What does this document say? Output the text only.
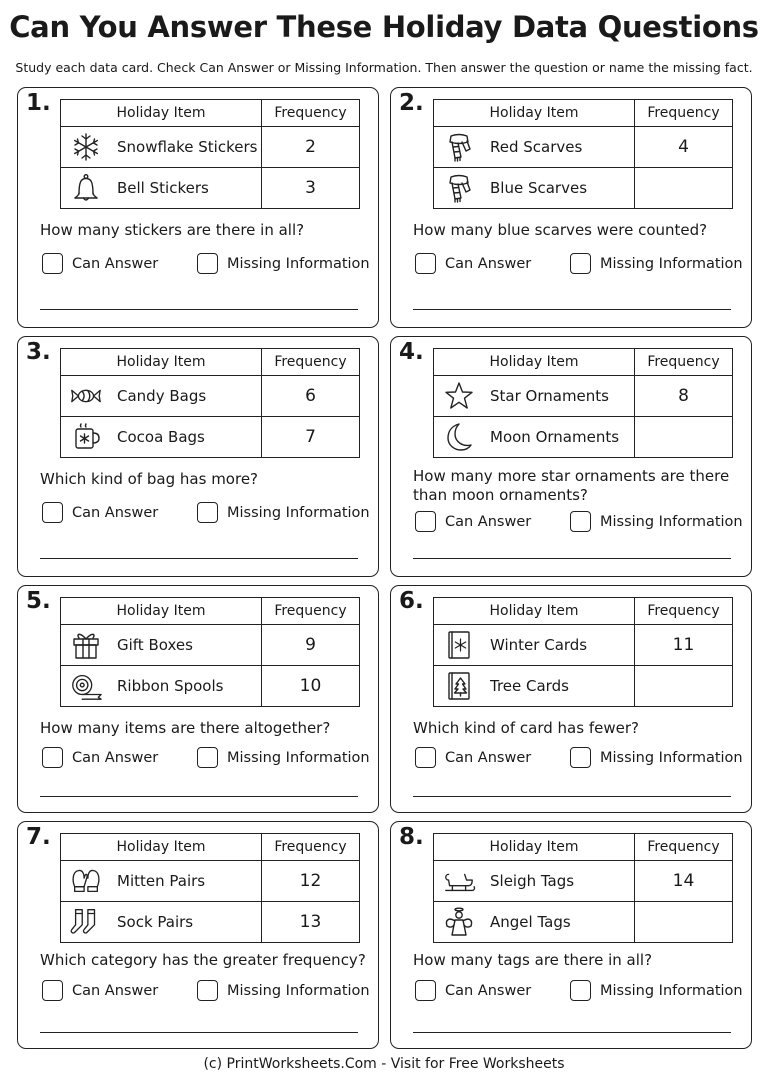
Can You Answer These Holiday Data Questions
Study each data card. Check Can Answer or Missing Information. Then answer the question or name the missing fact.
1.	Holiday Item	Frequency

Snowflake Stickers	2

Bell Stickers	3
How many stickers are there in all?
Can Answer	Missing Information
2.	Holiday Item	Frequency

Red Scarves	4

Blue Scarves	

How many blue scarves were counted?
Can Answer	Missing Information
3.	Holiday Item	Frequency

Candy Bags	6

Cocoa Bags	7
Which kind of bag has more?
Can Answer	Missing Information
4.	Holiday Item	Frequency

Star Ornaments	8

Moon Ornaments	

How many more star ornaments are there than moon ornaments?
Can Answer	Missing Information
5.	Holiday Item	Frequency

Gift Boxes	9

Ribbon Spools	10
How many items are there altogether?
Can Answer	Missing Information
6.	Holiday Item	Frequency

Winter Cards	11

Tree Cards	

Which kind of card has fewer?
Can Answer	Missing Information
7.	Holiday Item	Frequency

Mitten Pairs	12

Sock Pairs	13
Which category has the greater frequency?
Can Answer	Missing Information
8.	Holiday Item	Frequency

Sleigh Tags	14

Angel Tags	

How many tags are there in all?
Can Answer	Missing Information
(c) PrintWorksheets.Com - Visit for Free Worksheets
